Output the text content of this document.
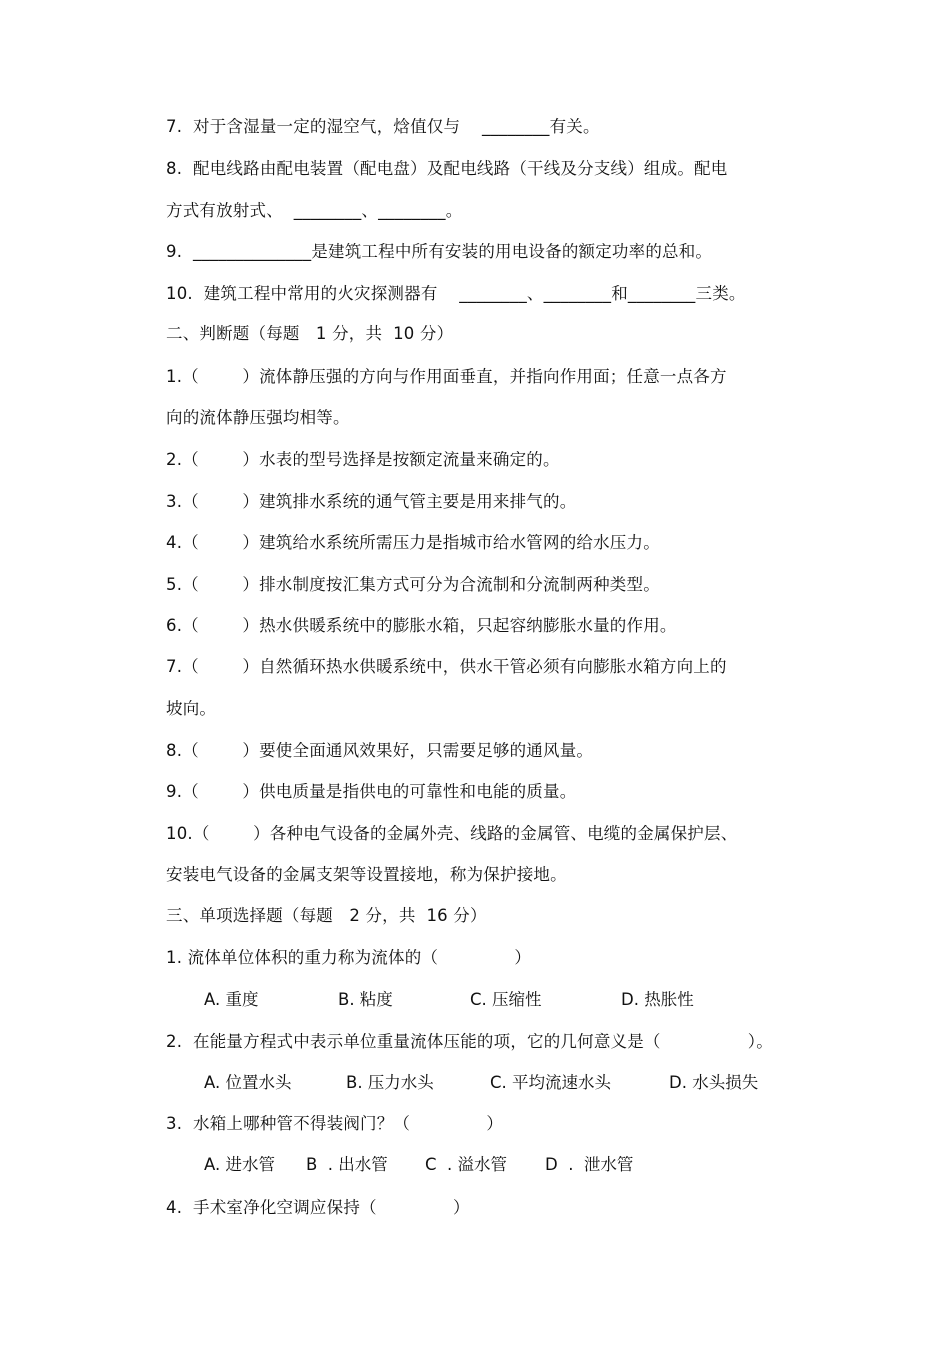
7.  对于含湿量一定的湿空气，焓值仅与    ________有关。
8.  配电线路由配电装置（配电盘）及配电线路（干线及分支线）组成。配电
方式有放射式、  ________、________。
9.  ______________是建筑工程中所有安装的用电设备的额定功率的总和。
10.  建筑工程中常用的火灾探测器有    ________、________和________三类。
二、判断题（每题   1 分，共  10 分）
1.（        ）流体静压强的方向与作用面垂直，并指向作用面；任意一点各方
向的流体静压强均相等。
2.（        ）水表的型号选择是按额定流量来确定的。
3.（        ）建筑排水系统的通气管主要是用来排气的。
4.（        ）建筑给水系统所需压力是指城市给水管网的给水压力。
5.（        ）排水制度按汇集方式可分为合流制和分流制两种类型。
6.（        ）热水供暖系统中的膨胀水箱，只起容纳膨胀水量的作用。
7.（        ）自然循环热水供暖系统中，供水干管必须有向膨胀水箱方向上的
坡向。
8.（        ）要使全面通风效果好，只需要足够的通风量。
9.（        ）供电质量是指供电的可靠性和电能的质量。
10.（        ）各种电气设备的金属外壳、线路的金属管、电缆的金属保护层、
安装电气设备的金属支架等设置接地，称为保护接地。
三、单项选择题（每题   2 分，共  16 分）
1. 流体单位体积的重力称为流体的（              ）
A. 重度	B. 粘度	C. 压缩性	D. 热胀性
2.  在能量方程式中表示单位重量流体压能的项，它的几何意义是（                ）。
A. 位置水头	B. 压力水头	C. 平均流速水头	D. 水头损失
3.  水箱上哪种管不得装阀门？（              ）
A. 进水管 B  . 出水管 C  . 溢水管 D  .  泄水管
4.  手术室净化空调应保持（              ）
